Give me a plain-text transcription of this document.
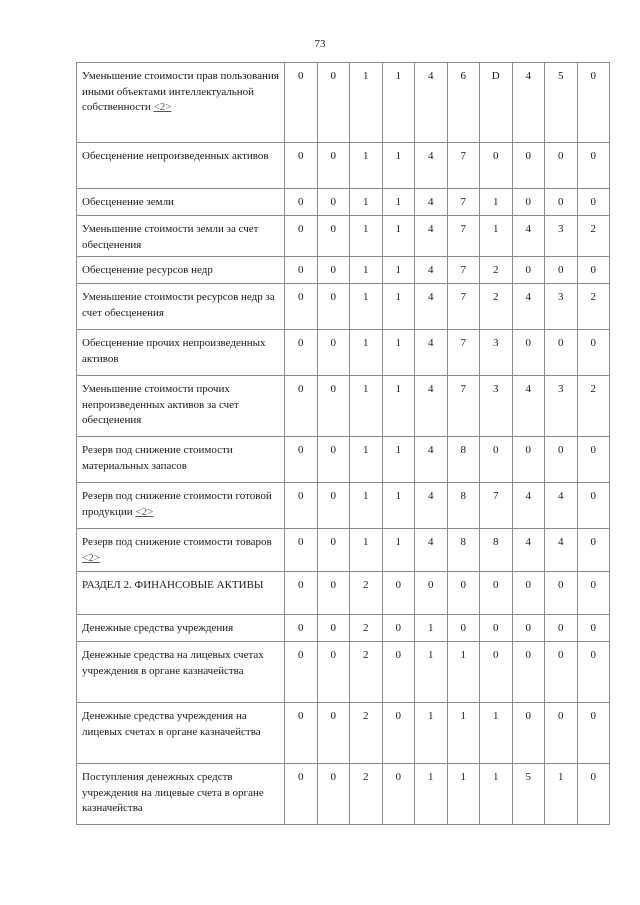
73
Уменьшение стоимости прав пользования иными объектами интеллектуальной собственности <2>	0	0	1	1	4	6	D	4	5	0
Обесценение непроизведенных активов	0	0	1	1	4	7	0	0	0	0
Обесценение земли	0	0	1	1	4	7	1	0	0	0
Уменьшение стоимости земли за счет обесценения	0	0	1	1	4	7	1	4	3	2
Обесценение ресурсов недр	0	0	1	1	4	7	2	0	0	0
Уменьшение стоимости ресурсов недр за счет обесценения	0	0	1	1	4	7	2	4	3	2
Обесценение прочих непроизведенных активов	0	0	1	1	4	7	3	0	0	0
Уменьшение стоимости прочих непроизведенных активов за счет обесценения	0	0	1	1	4	7	3	4	3	2
Резерв под снижение стоимости материальных запасов	0	0	1	1	4	8	0	0	0	0
Резерв под снижение стоимости готовой продукции <2>	0	0	1	1	4	8	7	4	4	0
Резерв под снижение стоимости товаров <2>	0	0	1	1	4	8	8	4	4	0
РАЗДЕЛ 2. ФИНАНСОВЫЕ АКТИВЫ	0	0	2	0	0	0	0	0	0	0
Денежные средства учреждения	0	0	2	0	1	0	0	0	0	0
Денежные средства на лицевых счетах учреждения в органе казначейства	0	0	2	0	1	1	0	0	0	0
Денежные средства учреждения на лицевых счетах в органе казначейства	0	0	2	0	1	1	1	0	0	0
Поступления денежных средств учреждения на лицевые счета в органе казначейства	0	0	2	0	1	1	1	5	1	0
